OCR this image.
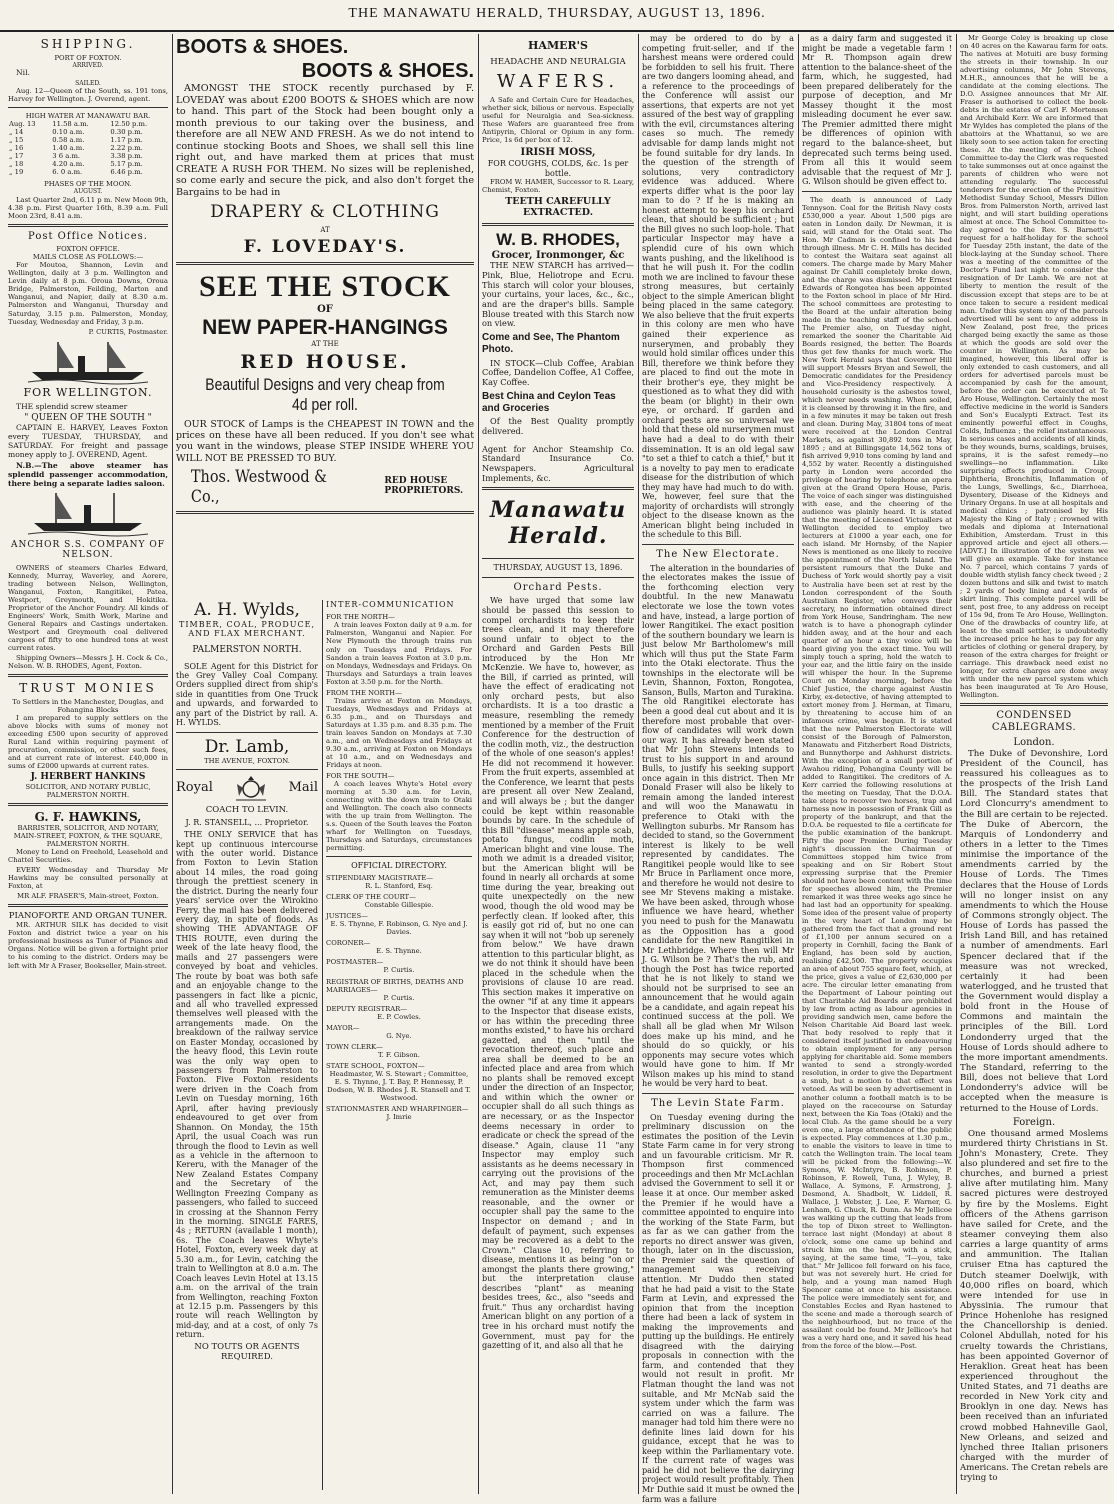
THE MANAWATU HERALD, THURSDAY, AUGUST 13, 1896.
SHIPPING.
PORT OF FOXTON.
ARRIVED.

Nil.

SAILED.

Aug. 12—Queen of the South, ss. 191 tons, Harvey for Wellington. J. Overend, agent.

HIGH WATER AT MANAWATU BAR.
Aug. 13	11.58 a.m.	12.50 p.m.
„ 14	0.10 a.m.	0.30 p.m.
„ 15	0.58 a.m.	1.17 p.m.
„ 16	1.40 a.m.	2.22 p.m.
„ 17	3 6 a.m.	3.38 p.m.
„ 18	4.20 a.m.	5.17 p.m.
„ 19	6. 0 a.m.	6.46 p.m.
PHASES OF THE MOON.
AUGUST.

Last Quarter 2nd, 6.11 p m. New Moon 9th, 4.38 p.m. First Quarter 16th, 8.39 a.m. Full Moon 23rd, 8.41 a.m.

Post Office Notices.
FOXTON OFFICE.
MAILS CLOSE AS FOLLOWS:—

For Moutoa, Shannon, Levin and Wellington, daily at 3 p.m. Wellington and Levin daily at 8 p.m. Oroua Downs, Oroua Bridge, Palmerston, Feilding, Marton and Wanganui, and Napier, daily at 8.30 a.m. Palmerston and Wanganui, Thursday and Saturday, 3.15 p.m. Palmerston, Monday, Tuesday, Wednesday and Friday, 3 p.m.

P. CURTIS, Postmaster.
FOR WELLINGTON.

THE splendid screw steamer

" QUEEN OF THE SOUTH "

CAPTAIN E. HARVEY, Leaves Foxton every TUESDAY, THURSDAY, and SATURDAY. For freight and passage money apply to J. OVEREND, Agent.

N.B.—The above steamer has splendid passenger accommodation, there being a separate ladies saloon.

ANCHOR S.S. COMPANY OF NELSON.

OWNERS of steamers Charles Edward, Kennedy, Murray, Waverley, and Aorere, trading between Nelson, Wellington, Wanganui, Foxton, Rangitikei, Patea, Westport, Greymouth, and Hokitika. Proprietor of the Anchor Foundry. All kinds of Engineers' Work, Smith Work, Marine and General Repairs and Castings undertaken. Westport and Greymouth coal delivered cargoes of fifty to one hundred tons at west current rates.

Shipping Owners—Messrs J. H. Cock & Co., Nelson. W. B. RHODES, Agent, Foxton.

TRUST MONIES
To Settlers in the Manchester, Douglas, and Fohanginа Blocks

I am prepared to supply settlers on the above blocks with sums of money not exceeding £500 upon security of approved Rural Land within requiring payment of procuration, commission, or other such fees, and at current rate of interest. £40,000 in sums of £2000 upwards at current rates.

J. HERBERT HANKINS
SOLICITOR, AND NOTARY PUBLIC, PALMERSTON NORTH.
G. F. HAWKINS,
BARRISTER, SOLICITOR, AND NOTARY,
MAIN-STREET, FOXTON, & THE SQUARE, PALMERSTON NORTH.

Money to Lend on Freehold, Leasehold and Chattel Securities.

EVERY Wednesday and Thursday Mr Hawkins may be consulted personally at Foxton, at

MR ALF. FRASER'S, Main-street, Foxton.
PIANOFORTE AND ORGAN TUNER.

MR. ARTHUR SILK has decided to visit Foxton and district twice a year on his professional business as Tuner of Pianos and Organs. Notice will be given a fortnight prior to his coming to the district. Orders may be left with Mr A Fraser, Bookseller, Main-street.

BOOTS & SHOES.
BOOTS & SHOES.

AMONGST THE STOCK recently purchased by F. LOVEDAY was about £200 BOOTS & SHOES which are now to hand. This part of the Stock had been bought only a month previous to our taking over the business, and therefore are all NEW AND FRESH. As we do not intend to continue stocking Boots and Shoes, we shall sell this line right out, and have marked them at prices that must CREATE A RUSH FOR THEM. No sizes will be replenished, so come early and secure the pick, and also don't forget the Bargains to be had in

DRAPERY & CLOTHING
AT
F. LOVEDAY'S.
SEE THE STOCK
OF
NEW PAPER-HANGINGS
AT THE
RED HOUSE.
Beautiful Designs and very cheap from 4d per roll.

OUR STOCK of Lamps is the CHEAPEST IN TOWN and the prices on these have all been reduced. If you don't see what you want in the windows, please STEP INSIDE WHERE YOU WILL NOT BE PRESSED TO BUY.

Thos. Westwood & Co.,
RED HOUSE PROPRIETORS.
A. H. Wylds,
TIMBER, COAL, PRODUCE, AND FLAX MERCHANT.
PALMERSTON NORTH.

SOLE Agent for this District for the Grey Valley Coal Company. Orders supplied direct from ship's side in quantities from One Truck and upwards, and forwarded to any part of the District by rail. A. H. WYLDS.

Dr. Lamb,
THE AVENUE, FOXTON.
Royal	Mail
COACH TO LEVIN.
J. R. STANSELL, ... Proprietor.

THE ONLY SERVICE that has kept up continuous intercourse with the outer world. Distance from Foxton to Levin Station about 14 miles, the road going through the prettiest scenery in the district. During the nearly four years' service over the Wirokino Ferry, the mail has been delivered every day, in spite of floods. As showing THE ADVANTAGE OF THIS ROUTE, even during the week of the late heavy flood, the mails and 27 passengers were conveyed by boat and vehicles. The route by boat was both safe and an enjoyable change to the passengers in fact like a picnic, and all who travelled expressed themselves well pleased with the arrangements made. On the breakdown of the railway service on Easter Monday, occasioned by the heavy flood, this Levin route was the only way open to passengers from Palmerston to Foxton. Five Foxton residents were driven in the Coach from Levin on Tuesday morning, 16th April, after having previously endeavoured to get over from Shannon. On Monday, the 15th April, the usual Coach was run through the flood to Levin as well as a vehicle in the afternoon to Kereru, with the Manager of the New Zealand Estates Company and the Secretary of the Wellington Freezing Company as passengers, who failed to succeed in crossing at the Shannon Ferry in the morning. SINGLE FARES, 4s ; RETURN (available 1 month), 6s. The Coach leaves Whyte's Hotel, Foxton, every week day at 5.30 a.m., for Levin, catching the train to Wellington at 8.0 a.m. The Coach leaves Levin Hotel at 13.15 a.m. on the arrival of the train from Wellington, reaching Foxton at 12.15 p.m. Passengers by this route will reach Wellington by mid-day, and at a cost, of only 7s return.

NO TOUTS OR AGENTS REQUIRED.
INTER-COMMUNICATION
FOR THE NORTH—

A train leaves Foxton daily at 9 a.m. for Palmerston, Wanganui and Napier. For New Plymouth the through trains run only on Tuesdays and Fridays. For Sandon a train leaves Foxton at 3.0 p.m. on Mondays, Wednesdays and Fridays. On Thursdays and Saturdays a train leaves Foxton at 3.50 p.m. for the North.

FROM THE NORTH—

Trains arrive at Foxton on Mondays, Tuesdays, Wednesdays and Fridays at 6.35 p.m., and on Thursdays and Saturdays at 1.35 p.m. and 8.35 p.m. The train leaves Sandon on Mondays at 7.30 a.m., and on Wednesdays and Fridays at 9.30 a.m., arriving at Foxton on Mondays at 10 a.m., and on Wednesdays and Fridays at noon.

FOR THE SOUTH—

A coach leaves Whyte's Hotel every morning at 5.30 a.m. for Levin, connecting with the down train to Otaki and Wellington. The coach also connects with the up train from Wellington. The s.s. Queen of the South leaves the Foxton wharf for Wellington on Tuesdays, Thursdays and Saturdays, circumstances permitting.

OFFICIAL DIRECTORY.
STIPENDIARY MAGISTRATE—
R. L. Stanford, Esq.
CLERK OF THE COURT—
Constable Gillespie.
JUSTICES—
E. S. Thynne, F. Robinson, G. Nye and J. Davies.
CORONER—
E. S. Thynne.
POSTMASTER—
P. Curtis.
REGISTRAR OF BIRTHS, DEATHS AND MARRIAGES—
P. Curtis.
DEPUTY REGISTRAR—
E. P. Cowles.
MAYOR—
G. Nye.
TOWN CLERK—
T. F. Gibson.
STATE SCHOOL, FOXTON—
Headmaster, W. S. Stewart ; Committee, E. S. Thynne, J. T. Bay, P. Hennessy, P. Dodson, W. B. Rhodes J. R. Stansell and T. Westwood.
STATIONMASTER AND WHARFINGER—
J. Imrie
HAMER'S
HEADACHE AND NEURALGIA
WAFERS.

A Safe and Certain Cure for Headaches, whether sick, bilious or nervous. Especially useful for Neuralgia and Sea-sickness. These Wafers are guaranteed free from Antipyrin, Chloral or Opium in any form. Price, 1s 6d per box of 12.

IRISH MOSS,
FOR COUGHS, COLDS, &c. 1s per bottle.

FROM W. HAMER, Successor to R. Leary, Chemist, Foxton.

TEETH CAREFULLY EXTRACTED.
W. B. RHODES,
Grocer, Ironmonger, &c

THE NEW STARCH has arrived—Pink, Blue, Heliotrope and Ecru. This starch will color your blouses, your curtains, your laces, &c., &c., and are the draper's bills. Sample Blouse treated with this Starch now on view.

Come and See, The Phantom Photo.

IN STOCK—Club Coffee, Arabian Coffee, Dandelion Coffee, A1 Coffee, Kay Coffee.

Best China and Ceylon Teas and Groceries

Of the Best Quality promptly delivered.

Agent for Anchor Steamship Co. Standard Insurance Co. Newspapers. Agricultural Implements, &c.

Manawatu Herald.
THURSDAY, AUGUST 13, 1896.
Orchard Pests.

We have urged that some law should be passed this session to compel orchardists to keep their trees clean, and it may therefore sound unfair to object to the Orchard and Garden Pests Bill introduced by the Hon Mr McKenzie. We have to, however, as the Bill, if carried as printed, will have the effect of eradicating not only orchard pests, but also orchardists. It is a too drastic a measure, resembling the remedy mentioned by a member of the Fruit Conference for the destruction of the codlin moth, viz., the destruction of the whole of one season's apples! He did not recommend it however. From the fruit experts, assembled at the Conference, we learnt that pests are present all over New Zealand, and will always be ; but the danger could be kept within reasonable bounds by care. In the schedule of this Bill "disease" means apple scab, potato fungus, codlin moth, American blight and vine louse. The moth we admit is a dreaded visitor, but the American blight will be found in nearly all orchards at some time during the year, breaking out quite unexpectedly on the new wood, though the old wood may be perfectly clean. If looked after, this is easily got rid of, but no one can say when it will not "bob up serenely from below." We have drawn attention to this particular blight, as we do not think it should have been placed in the schedule when the provisions of clause 10 are read. This section makes it imperative on the owner "if at any time it appears to the Inspector that disease exists, or has within the preceding three months existed," to have his orchard gazetted, and then "until the revocation thereof, such place and area shall be deemed to be an infected place and area from which no plants shall be removed except under the direction of an Inspector, and within which the owner or occupier shall do all such things as are necessary, or as the Inspector deems necessary in order to eradicate or check the spread of the disease." Again, clause 11 "any Inspector may employ such assistants as he deems necessary in carrying out the provisions of the Act, and may pay them such remuneration as the Minister deems reasonable, and the owner or occupier shall pay the same to the Inspector on demand ; and in default of payment, such expenses may be recovered as a debt to the Crown." Clause 10, referring to disease, mentions it as being "on or amongst the plants there growing," but the interpretation clause describes "plant" as meaning besides trees, &c., also "seeds and fruit." Thus any orchardist having American blight on any portion of a tree in his orchard must notify the Government, must pay for the gazetting of it, and also all that he

may be ordered to do by a competing fruit-seller, and if the harshest means were ordered could be forbidden to sell his fruit. There are two dangers looming ahead, and a reference to the proceedings of the Conference will assist our assertions, that experts are not yet assured of the best way of grappling with the evil, circumstances altering cases so much. The remedy advisable for damp lands might not be found suitable for dry lands. In the question of the strength of solutions, very contradictory evidence was adduced. Where experts differ what is the poor lay man to do ? If he is making an honest attempt to keep his orchard clean, that should be sufficient ; but the Bill gives no such loop-hole. That particular Inspector may have a splendid cure of his own which wants pushing, and the likelihood is that he will push it. For the codlin moth we are inclined to favour these strong measures, but certainly object to the simple American blight being placed in the same category. We also believe that the fruit experts in this colony are men who have gained their experience as nurserymen, and probably they would hold similar offices under this Bill, therefore we think before they are placed to find out the mote in their brother's eye, they might be questioned as to what they did with the beam (or blight) in their own eye, or orchard. If garden and orchard pests are so universal we hold that these old nurserymen must have had a deal to do with their dissemination. It is an old legal saw "to set a thief to catch a thief," but it is a novelty to pay men to eradicate disease for the distribution of which they may have had much to do with. We, however, feel sure that the majority of orchardists will strongly object to the disease known as the American blight being included in the schedule to this Bill.

The New Electorate.

The alteration in the boundaries of the electorates makes the issue of the forthcoming election very doubtful. In the new Manawatu electorate we lose the town votes and have, instead, a large portion of lower Rangitikei. The exact position of the southern boundary we learn is just below Mr Bartholomew's mill which will thus put the State Farm into the Otaki electorate. Thus the townships in the electorate will be Levin, Shannon, Foxton, Rongotea, Sanson, Bulls, Marton and Turakina. The old Rangitikei electorate has been a good deal cut about and it is therefore most probable that over-flow of candidates will work down our way. It has already been stated that Mr John Stevens intends to trust to his support in and around Bulls, to justify his seeking support once again in this district. Then Mr Donald Fraser will also be likely to remain among the landed interest and will woo the Manawatu in preference to Otaki with the Wellington suburbs. Mr Ransom has decided to stand, so the Government interest is likely to be well represented by candidates. The Rangitikei people would like to see Mr Bruce in Parliament once more, and therefore he would not desire to see Mr Stevens making a mistake. We have been asked, through whose influence we have heard, whether you need to push for the Manawatu as the Opposition has a good candidate for the new Rangitikei in Mr Lethbridge. Where then will Mr J. G. Wilson be ? That's the rub, and though the Post has twice reported that he is not likely to stand we should not be surprised to see an announcement that he would again be a candidate, and again repeat his continued success at the poll. We shall all be glad when Mr Wilson does make up his mind, and he should do so quickly, or his opponents may secure votes which would have gone to him. If Mr Wilson makes up his mind to stand he would be very hard to beat.

The Levin State Farm.

On Tuesday evening during the preliminary discussion on the estimates the position of the Levin State Farm came in for very strong and un favourable criticism. Mr R. Thompson first commenced proceedings and then Mr McLachlan advised the Government to sell it or lease it at once. Our member asked the Premier if he would have a committee appointed to enquire into the working of the State Farm, but as far as we can gather from the reports no direct answer was given, though, later on in the discussion, the Premier said the question of management was receiving attention. Mr Duddo then stated that he had paid a visit to the State Farm at Levin, and expressed the opinion that from the inception there had been a lack of system in making the improvements and putting up the buildings. He entirely disagreed with the dairying proposals in connection with the farm, and contended that they would not result in profit. Mr Flatman thought the land was not suitable, and Mr McNab said the system under which the farm was carried on was a failure. The manager had told him there were no definite lines laid down for his guidance, except that he was to keep within the Parliamentary vote. If the current rate of wages was paid he did not believe the dairying project would result profitably. Then Mr Duthie said it must be owned the farm was a failure

as a dairy farm and suggested it might be made a vegetable farm ! Mr R. Thompson again drew attention to the balance-sheet of the farm, which, he suggested, had been prepared deliberately for the purpose of deception, and Mr Massey thought it the most misleading document he ever saw. The Premier admitted there might be differences of opinion with regard to the balance-sheet, but deprecated such terms being used. From all this it would seem advisable that the request of Mr J. G. Wilson should be given effect to.

The death is announced of Lady Tennyson. Coal for the British Navy costs £530,000 a year. About 1,500 pigs are eaten in London daily. Dr Newman, it is said, will stand for the Otaki seat. The Hon. Mr Cadman is confined to his bed through illness. Mr C. H. Mills has decided to contest the Waitara seat against all comers. The charge made by Mary Maher against Dr Cahill completely broke down, and the charge was dismissed. Mr Ernest Edwards of Rongotea has been appointed to the Foxton school in place of Mr Hird. The school committees are protesting to the Board at the unfair alteration being made in the teaching staff of the school. The Premier also, on Tuesday night, remarked the sooner the Charitable Aid Boards resigned, the better. The Boards thus get few thanks for much work. The New York Herald says that Governor Hill will support Messrs Bryan and Sewell, the Democratic candidates for the Presidency and Vice-Presidency respectively. A household curiosity is the asbestos towel, which never needs washing. When soiled, it is cleansed by throwing it in the fire, and in a few minutes it may be taken out fresh and clean. During May, 31804 tons of meat were received at the London Central Markets, as against 30,892 tons in May, 1895 ; and at Billingsgate 14,562 tons of fish arrived 9,910 tons coming by land and 4,552 by water. Recently a distinguished party in London were accorded the privilege of hearing by telephone an opera given at the Grand Opera House, Paris. The voice of each singer was distinguished with ease, and the cheering of the audience was plainly heard. It is stated that the meeting of Licensed Victuallers at Wellington decided to employ two lecturers at £1000 a year each, one for each island. Mr Hornsby, of the Napier News is mentioned as one likely to receive the appointment of the North Island. The persistent rumours that the Duke and Duchess of York would shortly pay a visit to Australia have been set at rest by the London correspondent of the South Australian Register, who conveys their secretary, no information obtained direct from York House, Sandringham. The new watch is to have a phonograph cylinder hidden away, and at the hour and each quarter of an hour a tiny voice will be heard giving you the exact time. You will simply touch a spring, hold the watch to your ear, and the little fairy on the inside will whisper the hour. In the Supreme Court on Monday morning, before the Chief Justice, the charge against Austin Kirby, ex-detective, of having attempted to extort money from J. Herman, at Timaru, by threatening to accuse him of an infamous crime, was begun. It is stated that the new Palmerston Electorate will consist of the Borough of Palmerston, Manawatu and Fitzherbert Road Districts, and Bunnythorpe and Ashhurst districts. With the exception of a small portion of Awahou riding, Pohangina County will be added to Rangitikei. The creditors of A. Kerr carried the following resolutions at the meeting on Tuesday, That the D.O.A. take steps to recover two horses, trap and harness now in possession of Frank Gill as property of the bankrupt, and that the D.O.A. be requested to file a certificate for the public examination of the bankrupt. Fifty the poor Premier. During Tuesday night's discussion the Chairman of Committees stopped him twice from speaking and on Sir Robert Stout expressing surprise that the Premier should not have been content with the time for speeches allowed him, the Premier remarked it was three weeks ago since he had last had an opportunity for speaking. Some idea of the present value of property in the very heart of London may be gathered from the fact that a ground rent of £1,100 per annum secured on a property in Cornhill, facing the Bank of England, has been sold by auction, realising £42,500. The property occupies an area of about 755 square feet, which, at the price, gives a value of £2,630,000 per acre. The circular letter emanating from the Department of Labour pointing out that Charitable Aid Boards are prohibited by law from acting as labour agencies in providing sandwich men, came before the Nelson Charitable Aid Board last week. That body resolved to reply that it considered itself justified in endeavouring to obtain employment for any person applying for charitable aid. Some members wanted to send a strongly-worded resolution, in order to give the Department a snub, but a motion to that effect was vetoed. As will be seen by advertisement in another column a football match is to be played on the racecourse on Saturday next, between the Kia Toas (Otaki) and the local Club. As the game should be a very even one, a large attendance of the public is expected. Play commences at 1.30 p.m., to enable the visitors to leave in time to catch the Wellington train. The local team will be picked from the following:—W. Symons, W. McIntyre, B. Robinson, P. Robinson, F. Rowell, Tuna, J. Wyley, B. Wallace, A. Symons, F. Armstrong, J. Desmond, A. Shadbolt, W. Liddell, R. Wallace, J. Webster, J. Lee, F. Warner, G. Lenham, G. Chuck, R. Dunn. As Mr Jellicoe was walking up the cutting that leads from the top of Dixon street to Wellington-terrace last night (Monday) at about 8 o'clock, some one came up behind and struck him on the head with a stick, saying, at the same time, "I—you, take that." Mr Jellicoe fell forward on his face, but was not severely hurt. He cried for help, and a young man named Hugh Spencer came at once to his assistance. The police were immediately sent for, and Constables Eccles and Ryan hastened to the scene and made a thorough search of the neighbourhood, but no trace of the assailant could be found. Mr Jellicoe's hat was a very hard one, and it saved his head from the force of the blow.—Post.

Mr George Coley is breaking up close on 40 acres on the Kawarau farm for oats. The natives at Motuiti are busy forming the streets in their township. In our advertising columns, Mr John Stevens, M.H.R., announces that he will be a candidate at the coming elections. The D.O. Assignee announces that Mr Alf. Fraser is authorised to collect the book-debts in the estates of Carl F. Mortensen and Archibald Kerr. We are informed that Mr Wyldes has completed the plans of the abattoirs at the Whattanui, so we are likely soon to see action taken for erecting these. At the meeting of the School Committee to-day the Clerk was requested to take summonses out at once against the parents of children who were not attending regularly. The successful tenderers for the erection of the Primitive Methodist Sunday School, Messrs Dillon Bros. from Palmerston North, arrived last night, and will start building operations almost at once. The School Committee to-day agreed to the Rev. S. Barnett's request for a half-holiday for the school for Tuesday 25th instant, the date of the block-laying at the Sunday school. There was a meeting of the committee of the Doctor's Fund last night to consider the resignation of Dr Lamb. We are not at liberty to mention the result of the discussion except that steps are to be at once taken to secure a resident medical man. Under this system any of the parcels advertised will be sent to any address in New Zealand, post free, the prices charged being exactly the same as those at which the goods are sold over the counter in Wellington. As may be imagined, however, this liberal offer is only extended to cash customers, and all orders for advertised parcels must be accompanied by cash for the amount, before the order can be executed at Te Aro House, Wellington. Certainly the most effective medicine in the world is Sanders and Son's Eucalypti Extract. Test its eminently powerful effect in Coughs, Colds, Influenza ; the relief instantaneous. In serious cases and accidents of all kinds, be they wounds, burns, scaldings, bruises, sprains, it is the safest remedy—no swellings—no inflammation. Like surprising effects produced in Croup, Diphtheria, Bronchitis, Inflammation of the Lungs, Swellings, &c., Diarrhoea, Dysentery, Disease of the Kidneys and Urinary Organs. In use at all hospitals and medical clinics ; patronised by His Majesty the King of Italy ; crowned with medals and diploma at International Exhibition, Amsterdam. Trust in this approved article and eject all others.—[ADVT.] In illustration of the system we will give an example. Take for instance No. 7 parcel, which contains 7 yards of double width stylish fancy check tweed ; 2 dozen buttons and silk and twist to match ; 2 yards of body lining and 4 yards of skirt lining. This complete parcel will be sent, post free, to any address on receipt of 15s 9d, from Te Aro House, Wellington. One of the drawbacks of country life, at least to the small settler, is undoubtedly the increased price he has to pay for any articles of clothing or general drapery, by reason of the extra charges for freight or carriage. This drawback need exist no longer, for extra charges are done away with under the new parcel system which has been inaugurated at Te Aro House, Wellington.

CONDENSED CABLEGRAMS.
London.

The Duke of Devonshire, Lord President of the Council, has reassured his colleagues as to the prospects of the Irish Land Bill. The Standard states that Lord Cloncurry's amendment to the Bill are certain to be rejected. The Duke of Abercorn, the Marquis of Londonderry and others in a letter to the Times minimise the importance of the amendments carried by the House of Lords. The Times declares that the House of Lords will no longer insist on any amendments to which the House of Commons strongly object. The House of Lords has passed the Irish Land Bill, and has retained a number of amendments. Earl Spencer declared that if the measure was not wrecked, certainly it had been waterlogged, and he trusted that the Government would display a bold front in the House of Commons and maintain the principles of the Bill. Lord Londonderry urged that the House of Lords should adhere to the more important amendments. The Standard, referring to the Bill, does not believe that Lord Londonderry's advice will be accepted when the measure is returned to the House of Lords.

Foreign.

One thousand armed Moslems murdered thirty Christians in St. John's Monastery, Crete. They also plundered and set fire to the churches, and burned a priest alive after mutilating him. Many sacred pictures were destroyed by fire by the Moslems. Eight officers of the Athens garrison have sailed for Crete, and the steamer conveying them also carries a large quantity of arms and ammunition. The Italian cruiser Etna has captured the Dutch steamer Doelwijk, with 40,000 rifles on board, which were intended for use in Abyssinia. The rumour that Prince Hohenlohe has resigned the Chancellorship is denied. Colonel Abdullah, noted for his cruelty towards the Christians, has been appointed Governor of Heraklion. Great heat has been experienced throughout the United States, and 71 deaths are recorded in New York city and Brooklyn in one day. News has been received than an infuriated crowd mobbed Hahneville Gaol, New Orleans, and seized and lynched three Italian prisoners charged with the murder of Americans. The Cretan rebels are trying to
